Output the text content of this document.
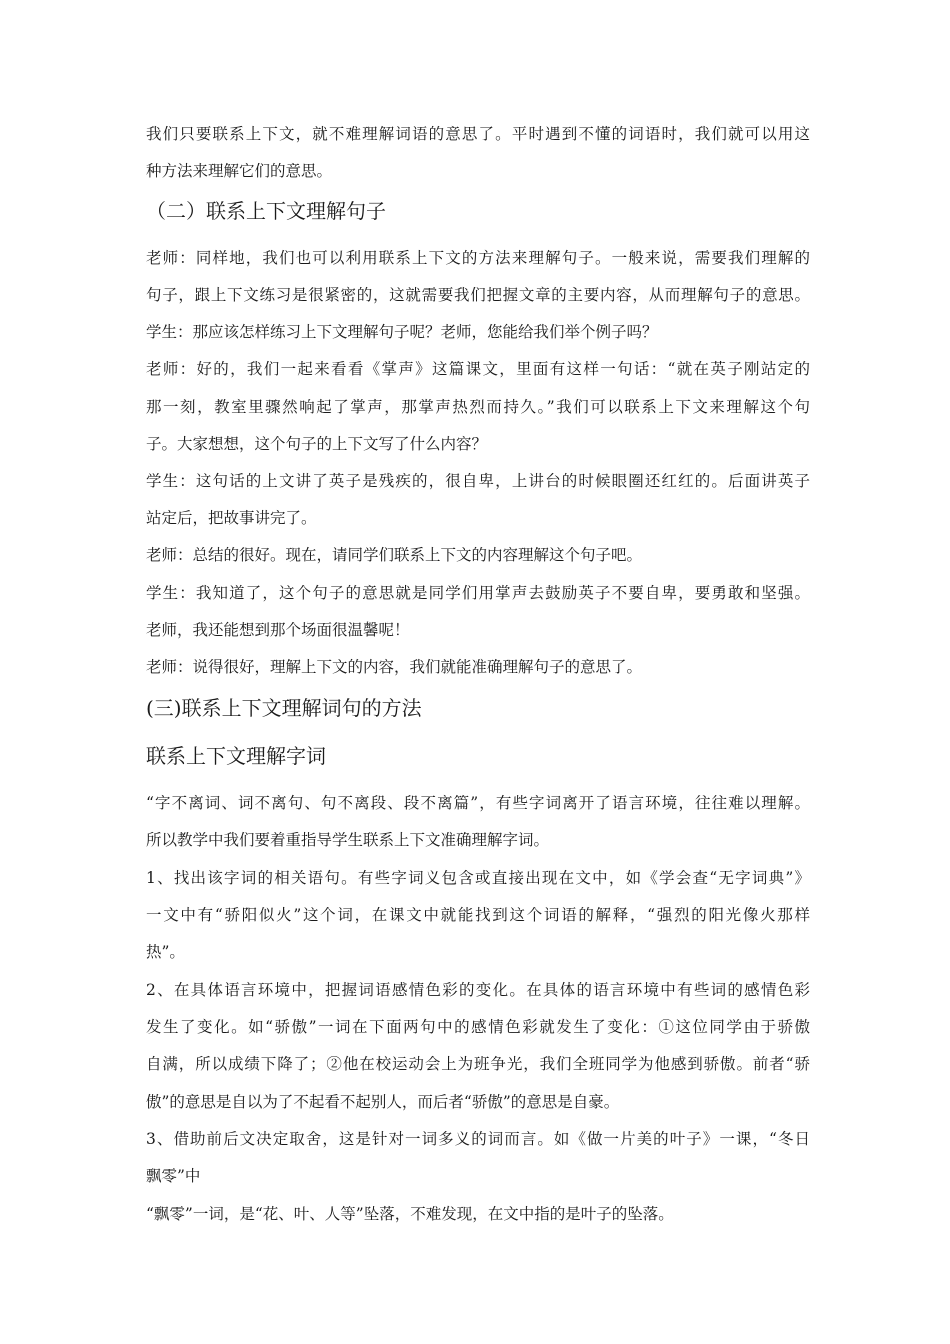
我们只要联系上下文，就不难理解词语的意思了。平时遇到不懂的词语时，我们就可以用这
种方法来理解它们的意思。
（二）联系上下文理解句子
老师：同样地，我们也可以利用联系上下文的方法来理解句子。一般来说，需要我们理解的
句子，跟上下文练习是很紧密的，这就需要我们把握文章的主要内容，从而理解句子的意思。
学生：那应该怎样练习上下文理解句子呢？老师，您能给我们举个例子吗？
老师：好的，我们一起来看看《掌声》这篇课文，里面有这样一句话：“就在英子刚站定的
那一刻，教室里骤然响起了掌声，那掌声热烈而持久。”我们可以联系上下文来理解这个句
子。大家想想，这个句子的上下文写了什么内容？
学生：这句话的上文讲了英子是残疾的，很自卑，上讲台的时候眼圈还红红的。后面讲英子
站定后，把故事讲完了。
老师：总结的很好。现在，请同学们联系上下文的内容理解这个句子吧。
学生：我知道了，这个句子的意思就是同学们用掌声去鼓励英子不要自卑，要勇敢和坚强。
老师，我还能想到那个场面很温馨呢！
老师：说得很好，理解上下文的内容，我们就能准确理解句子的意思了。
(三)联系上下文理解词句的方法
联系上下文理解字词
“字不离词、词不离句、句不离段、段不离篇”，有些字词离开了语言环境，往往难以理解。
所以教学中我们要着重指导学生联系上下文准确理解字词。
1、找出该字词的相关语句。有些字词义包含或直接出现在文中，如《学会查“无字词典”》
一文中有“骄阳似火”这个词，在课文中就能找到这个词语的解释，“强烈的阳光像火那样
热”。
2、在具体语言环境中，把握词语感情色彩的变化。在具体的语言环境中有些词的感情色彩
发生了变化。如“骄傲”一词在下面两句中的感情色彩就发生了变化：①这位同学由于骄傲
自满，所以成绩下降了；②他在校运动会上为班争光，我们全班同学为他感到骄傲。前者“骄
傲”的意思是自以为了不起看不起别人，而后者“骄傲”的意思是自豪。
3、借助前后文决定取舍，这是针对一词多义的词而言。如《做一片美的叶子》一课，“冬日
飘零”中
“飘零”一词，是“花、叶、人等”坠落，不难发现，在文中指的是叶子的坠落。
